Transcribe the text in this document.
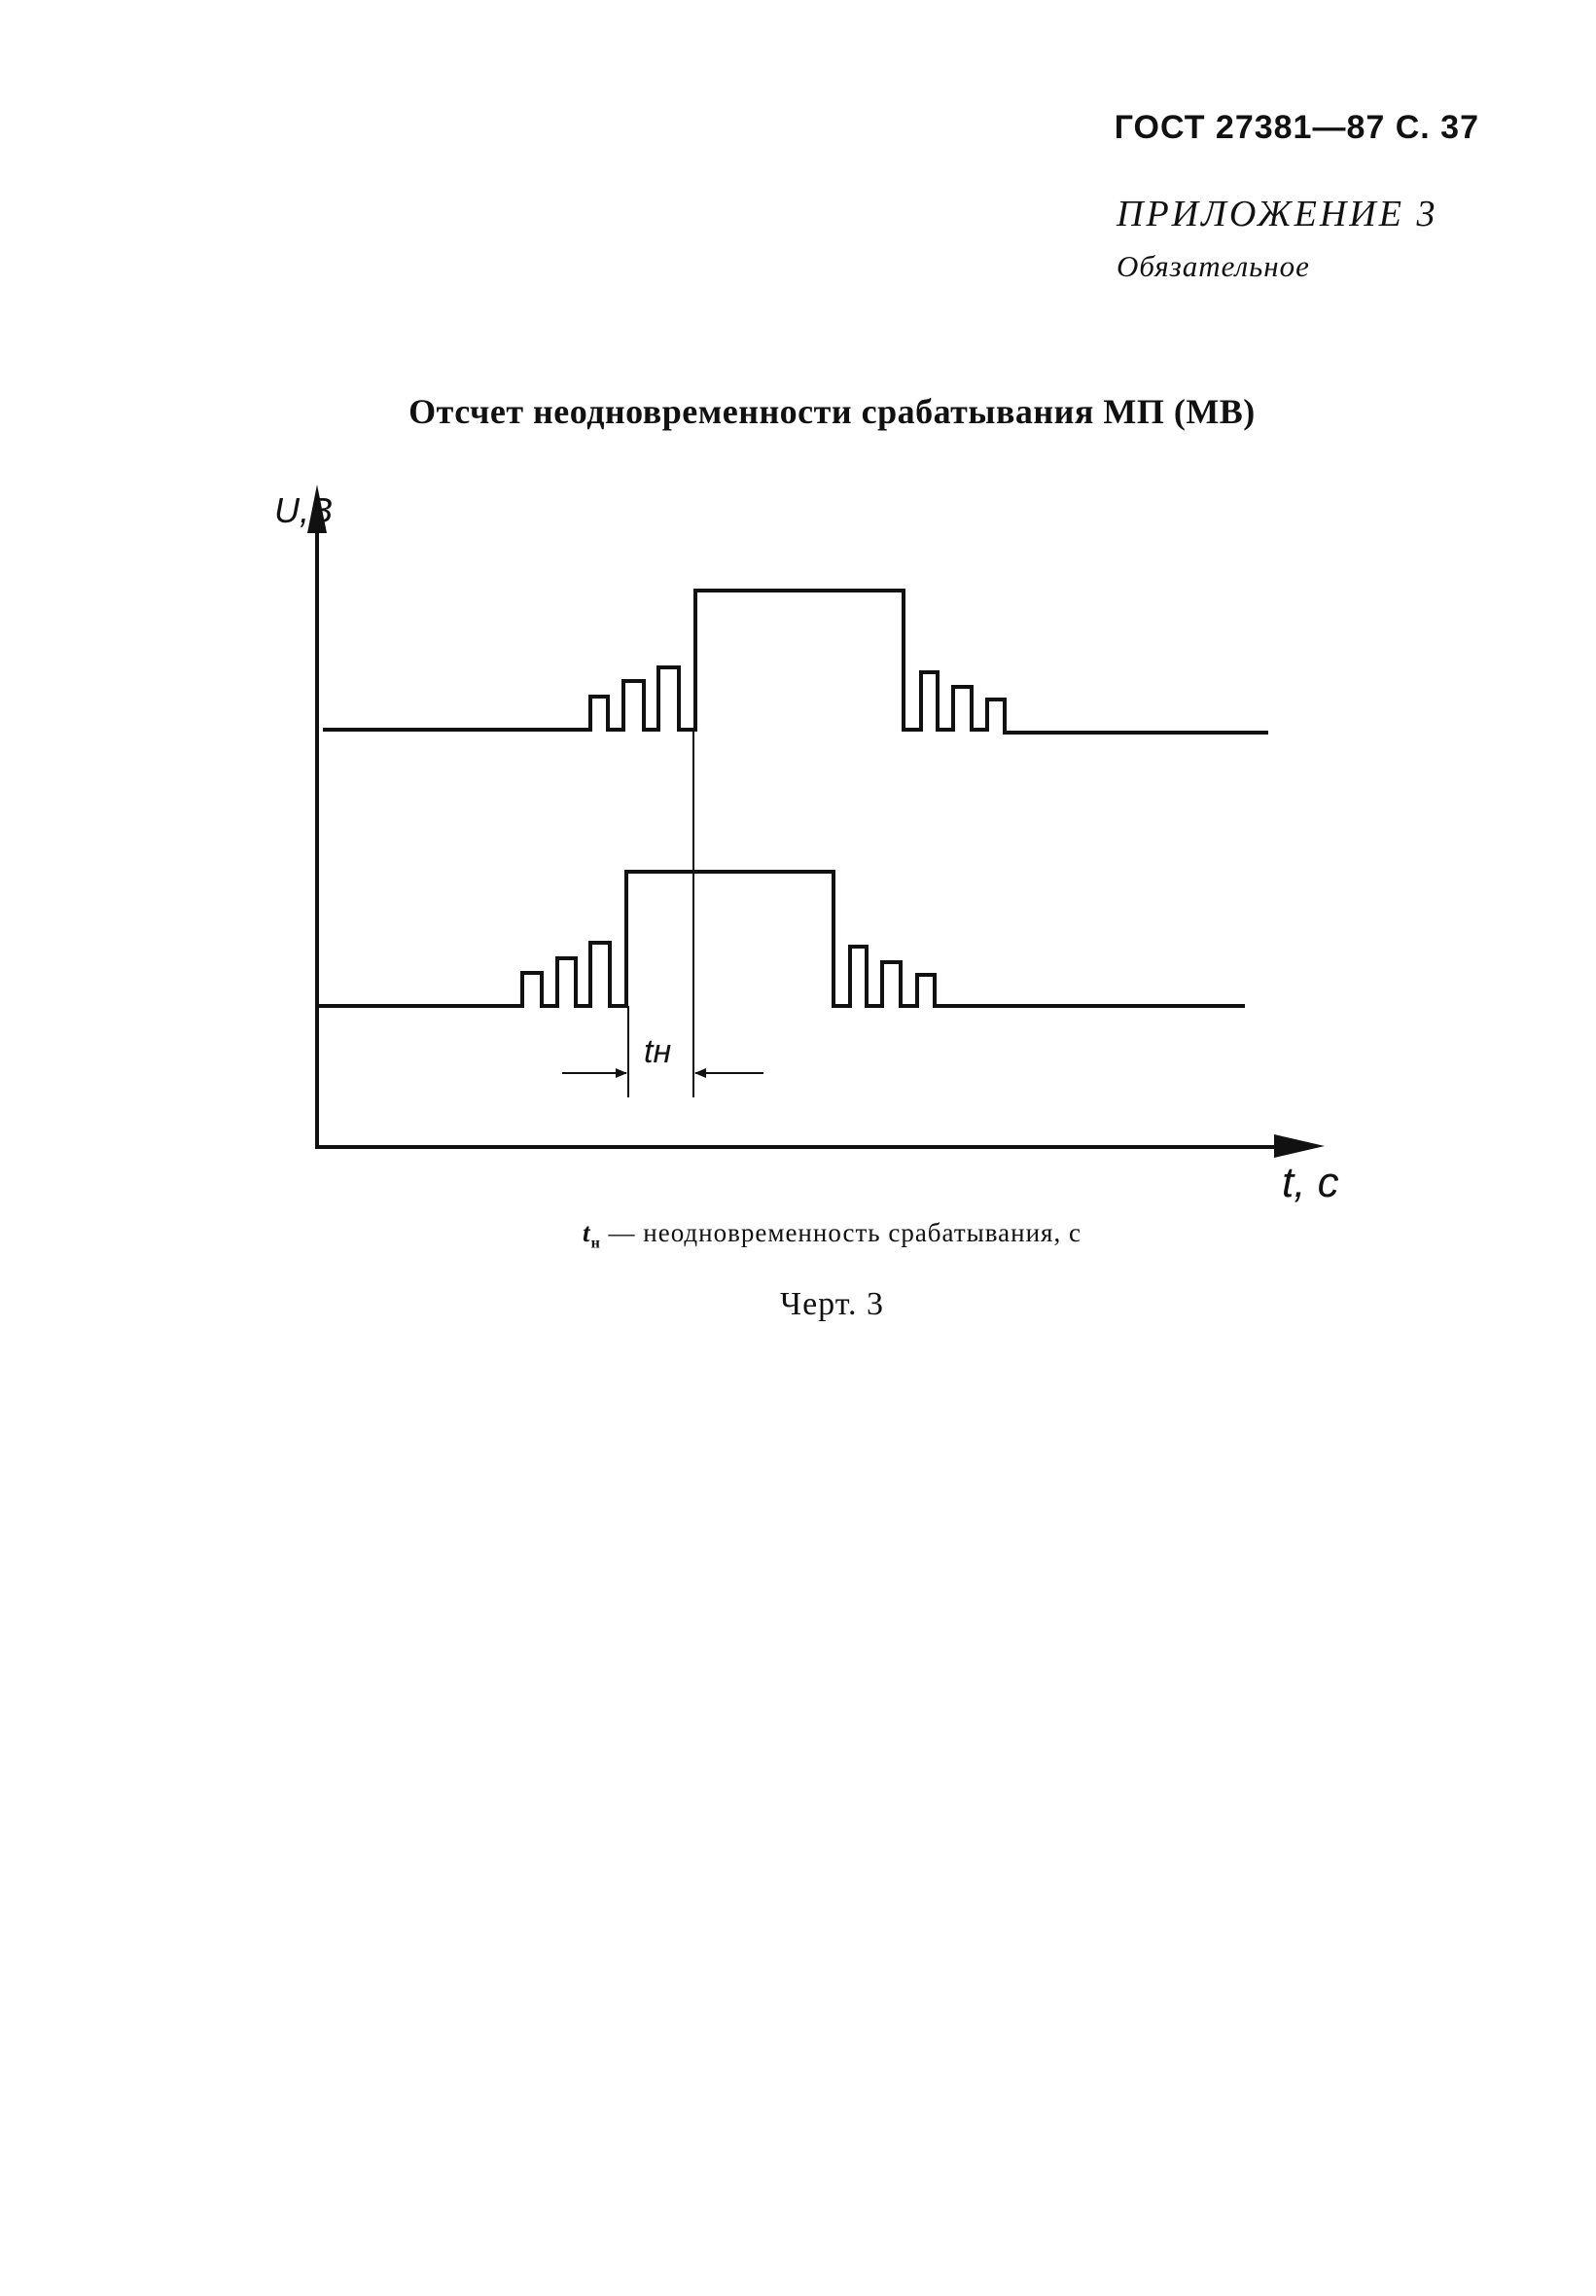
ГОСТ 27381—87 С. 37
ПРИЛОЖЕНИЕ 3
Обязательное
Отсчет неодновременности срабатывания МП (МВ)
U,В
t, с
tн
$t_н$ — неодновременность срабатывания, с
Черт. 3
